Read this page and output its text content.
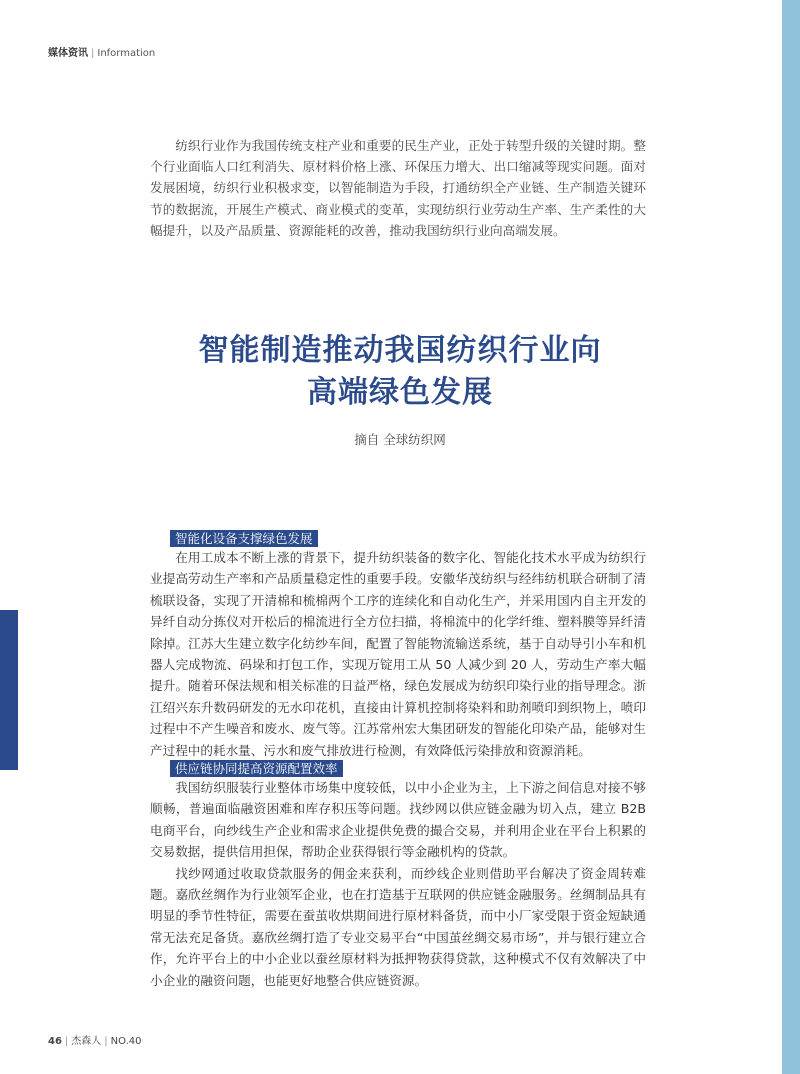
媒体资讯 | Information

纺织行业作为我国传统支柱产业和重要的民生产业，正处于转型升级的关键时期。整个行业面临人口红利消失、原材料价格上涨、环保压力增大、出口缩减等现实问题。面对发展困境，纺织行业积极求变，以智能制造为手段，打通纺织全产业链、生产制造关键环节的数据流，开展生产模式、商业模式的变革，实现纺织行业劳动生产率、生产柔性的大幅提升，以及产品质量、资源能耗的改善，推动我国纺织行业向高端发展。

智能制造推动我国纺织行业向
高端绿色发展
摘自 全球纺织网
智能化设备支撑绿色发展

在用工成本不断上涨的背景下，提升纺织装备的数字化、智能化技术水平成为纺织行业提高劳动生产率和产品质量稳定性的重要手段。安徽华茂纺织与经纬纺机联合研制了清梳联设备，实现了开清棉和梳棉两个工序的连续化和自动化生产，并采用国内自主开发的异纤自动分拣仪对开松后的棉流进行全方位扫描，将棉流中的化学纤维、塑料膜等异纤清除掉。江苏大生建立数字化纺纱车间，配置了智能物流输送系统，基于自动导引小车和机器人完成物流、码垛和打包工作，实现万锭用工从 50 人减少到 20 人，劳动生产率大幅提升。随着环保法规和相关标准的日益严格，绿色发展成为纺织印染行业的指导理念。浙江绍兴东升数码研发的无水印花机，直接由计算机控制将染料和助剂喷印到织物上，喷印过程中不产生噪音和废水、废气等。江苏常州宏大集团研发的智能化印染产品，能够对生产过程中的耗水量、污水和废气排放进行检测，有效降低污染排放和资源消耗。

供应链协同提高资源配置效率

我国纺织服装行业整体市场集中度较低，以中小企业为主，上下游之间信息对接不够顺畅，普遍面临融资困难和库存积压等问题。找纱网以供应链金融为切入点，建立 B2B 电商平台，向纱线生产企业和需求企业提供免费的撮合交易，并利用企业在平台上积累的交易数据，提供信用担保，帮助企业获得银行等金融机构的贷款。

找纱网通过收取贷款服务的佣金来获利，而纱线企业则借助平台解决了资金周转难题。嘉欣丝绸作为行业领军企业，也在打造基于互联网的供应链金融服务。丝绸制品具有明显的季节性特征，需要在蚕茧收烘期间进行原材料备货，而中小厂家受限于资金短缺通常无法充足备货。嘉欣丝绸打造了专业交易平台“中国茧丝绸交易市场”，并与银行建立合作，允许平台上的中小企业以蚕丝原材料为抵押物获得贷款，这种模式不仅有效解决了中小企业的融资问题，也能更好地整合供应链资源。

46 | 杰森人 | NO.40
